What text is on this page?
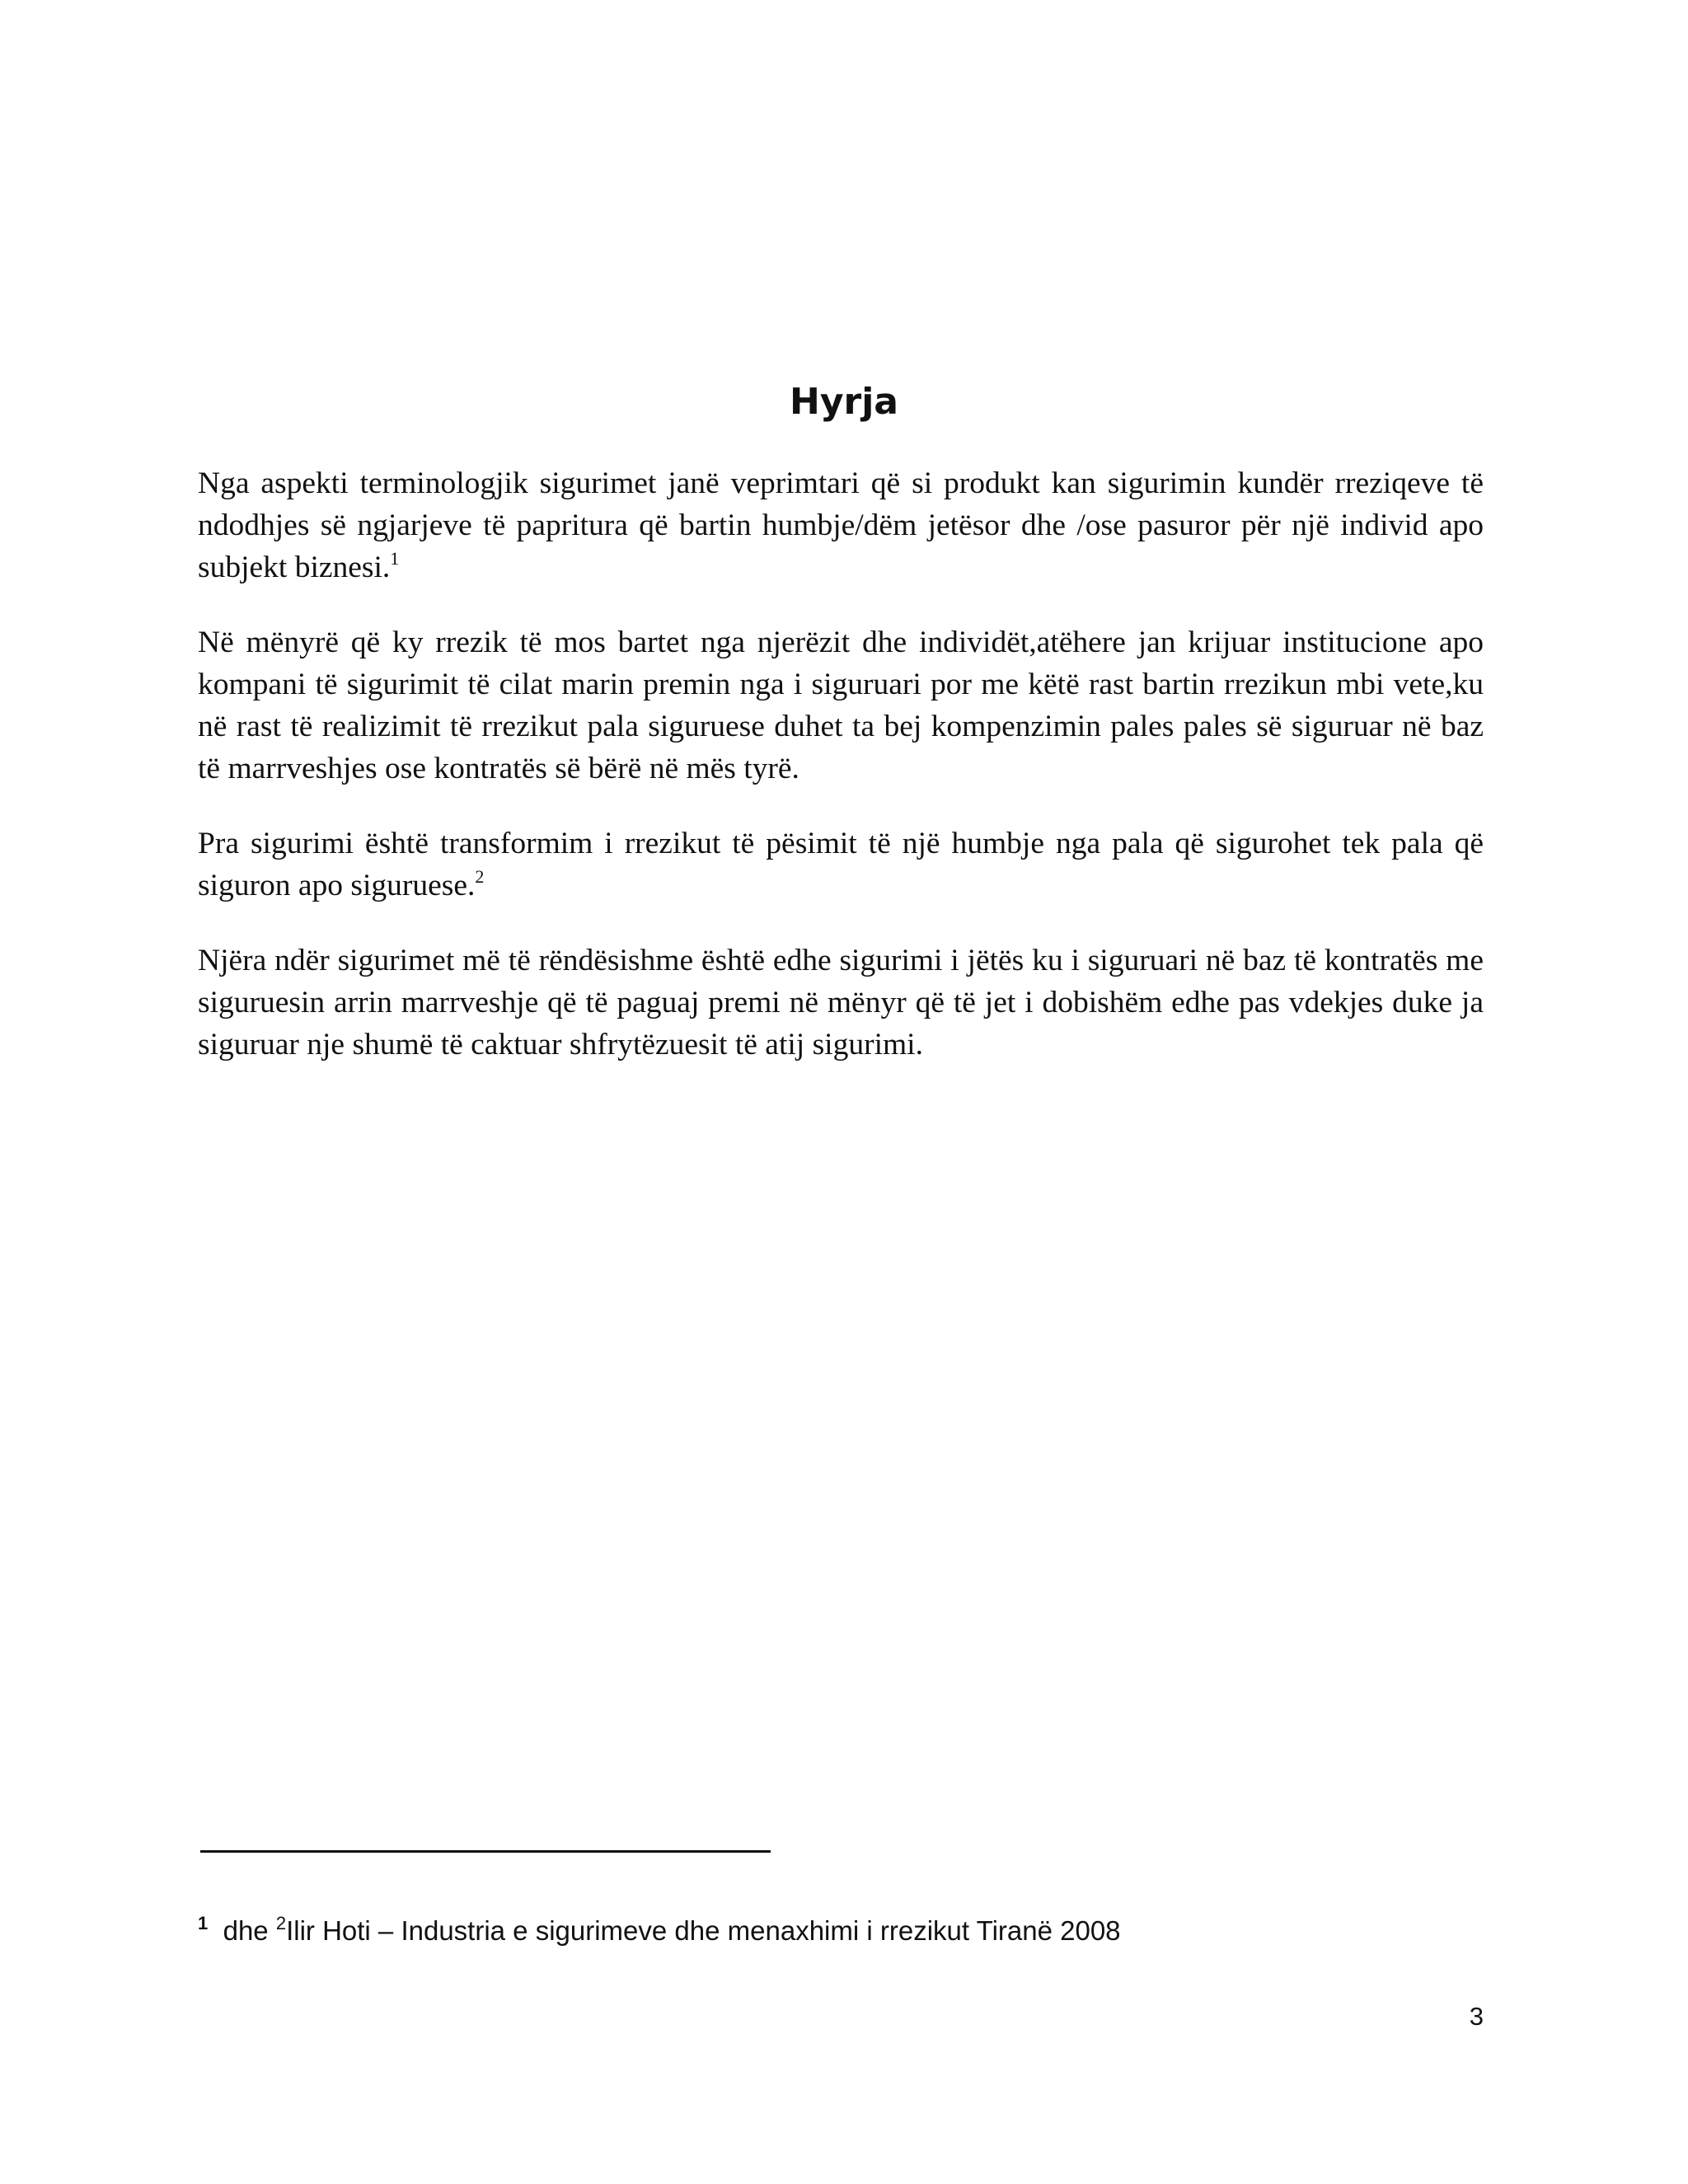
Hyrja

Nga aspekti terminologjik sigurimet janë veprimtari që si produkt kan sigurimin kundër rreziqeve të ndodhjes së ngjarjeve të papritura që bartin humbje/dëm jetësor dhe /ose pasuror për një individ apo subjekt biznesi.$^1$

Në mënyrë që ky rrezik të mos bartet nga njerëzit dhe individët,atëhere jan krijuar institucione apo kompani të sigurimit të cilat marin premin nga i siguruari por me këtë rast bartin rrezikun mbi vete,ku në rast të realizimit të rrezikut pala siguruese duhet ta bej kompenzimin pales pales së siguruar në baz të marrveshjes ose kontratës së bërë në mës tyrë.

Pra sigurimi është transformim i rrezikut të pësimit të një humbje nga pala që sigurohet tek pala që siguron apo siguruese.$^2$

Njëra ndër sigurimet më të rëndësishme është edhe sigurimi i jëtës ku i siguruari në baz të kontratës me siguruesin arrin marrveshje që të paguaj premi në mënyr që të jet i dobishëm edhe pas vdekjes duke ja siguruar nje shumë të caktuar shfrytëzuesit të atij sigurimi.

$^1$ dhe $^2$Ilir Hoti – Industria e sigurimeve dhe menaxhimi i rrezikut Tiranë 2008

3
